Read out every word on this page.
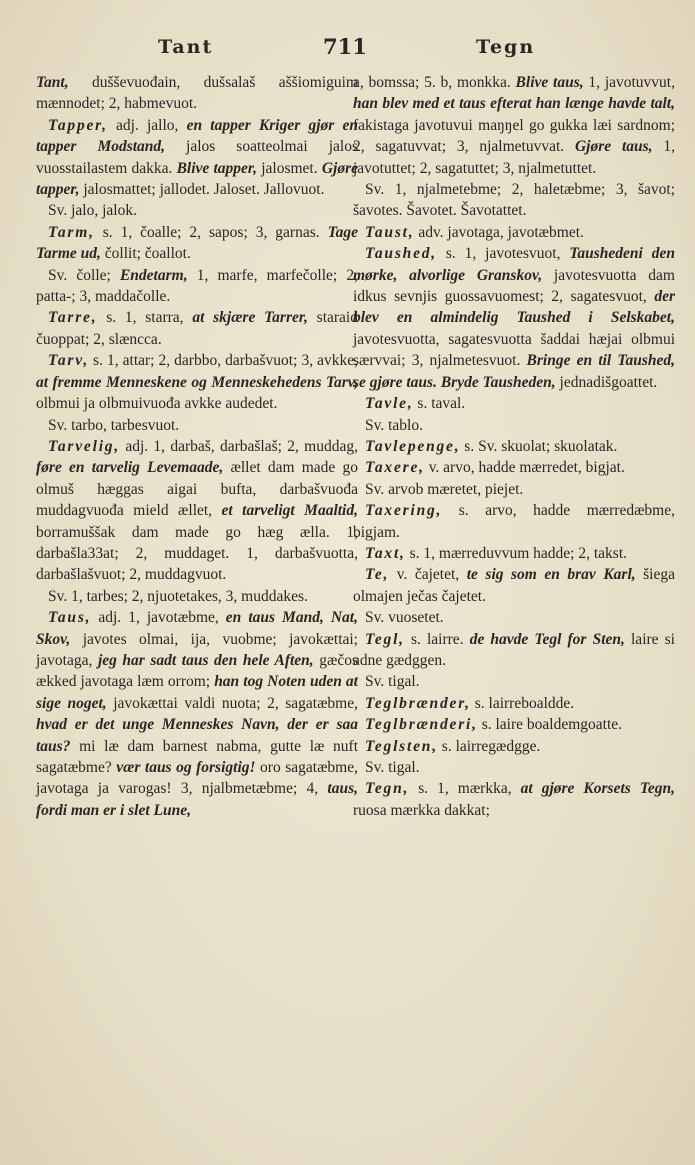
Tant	711	Tegn

Tant, dušševuođain, dušsalaš aššiomiguim mænnodet; 2, habmevuot.

Tapper, adj. jallo, en tapper Kriger gjør en tapper Modstand, jalos soatteolmai jalos vuosstailastem dakka. Blive tapper, jalosmet. Gjøre tapper, jalosmattet; jallodet. Jaloset. Jallovuot.

Sv. jalo, jalok.

Tarm, s. 1, čoalle; 2, sapos; 3, garnas. Tage Tarme ud, čollit; čoallot.

Sv. čolle; Endetarm, 1, marfe, marfečolle; 2, patta-; 3, maddačolle.

Tarre, s. 1, starra, at skjære Tarrer, staraid čuoppat; 2, slæncca.

Tarv, s. 1, attar; 2, darbbo, darbašvuot; 3, avkke, at fremme Menneskene og Menneskehedens Tarv, olbmui ja olbmuivuođa avkke audedet.

Sv. tarbo, tarbesvuot.

Tarvelig, adj. 1, darbaš, darbašlaš; 2, muddag, føre en tarvelig Levemaade, ællet dam made go olmuš hæggas aigai bufta, darbašvuođa muddagvuođa mield ællet, et tarveligt Maaltid, borramuššak dam made go hæg ælla. 1, darbašla33at; 2, muddaget. 1, darbašvuotta, darbašlašvuot; 2, muddagvuot.

Sv. 1, tarbes; 2, njuotetakes, 3, muddakes.

Taus, adj. 1, javotæbme, en taus Mand, Nat, Skov, javotes olmai, ija, vuobme; javokættai; javotaga, jeg har sadt taus den hele Aften, gæčos ækked javotaga læm orrom; han tog Noten uden at sige noget, javokættai valdi nuota; 2, sagatæbme, hvad er det unge Menneskes Navn, der er saa taus? mi læ dam barnest nabma, gutte læ nuft sagatæbme? vær taus og forsigtig! oro sagatæbme, javotaga ja varogas! 3, njalbmetæbme; 4, taus, fordi man er i slet Lune,

a, bomssa; 5. b, monkka. Blive taus, 1, javotuvvut, han blev med et taus efterat han længe havde talt, fakistaga javotuvui maŋŋel go gukka læi sardnom; 2, sagatuvvat; 3, njalmetuvvat. Gjøre taus, 1, javotuttet; 2, sagatuttet; 3, njalmetuttet.

Sv. 1, njalmetebme; 2, haletæbme; 3, šavot; šavotes. Šavotet. Šavotattet.

Taust, adv. javotaga, javotæbmet.

Taushed, s. 1, javotesvuot, Taushedeni den mørke, alvorlige Granskov, javotesvuotta dam idkus sevnjis guossavuomest; 2, sagatesvuot, der blev en almindelig Taushed i Selskabet, javotesvuotta, sagatesvuotta šaddai hæjai olbmui særvvai; 3, njalmetesvuot. Bringe en til Taushed, se gjøre taus. Bryde Tausheden, jednadišgoattet.

Tavle, s. taval.

Sv. tablo.

Tavlepenge, s. Sv. skuolat; skuolatak.

Taxere, v. arvo, hadde mærredet, bigjat.

Sv. arvob mæretet, piejet.

Taxering, s. arvo, hadde mærredæbme, bigjam.

Taxt, s. 1, mærreduvvum hadde; 2, takst.

Te, v. čajetet, te sig som en brav Karl, šiega olmajen ječas čajetet.

Sv. vuosetet.

Tegl, s. lairre. de havde Tegl for Sten, laire si adne gædggen.

Sv. tigal.

Teglbrænder, s. lairreboaldde.

Teglbrænderi, s. laire boaldemgoatte.

Teglsten, s. lairregædgge.

Sv. tigal.

Tegn, s. 1, mærkka, at gjøre Korsets Tegn, ruosa mærkka dakkat;
